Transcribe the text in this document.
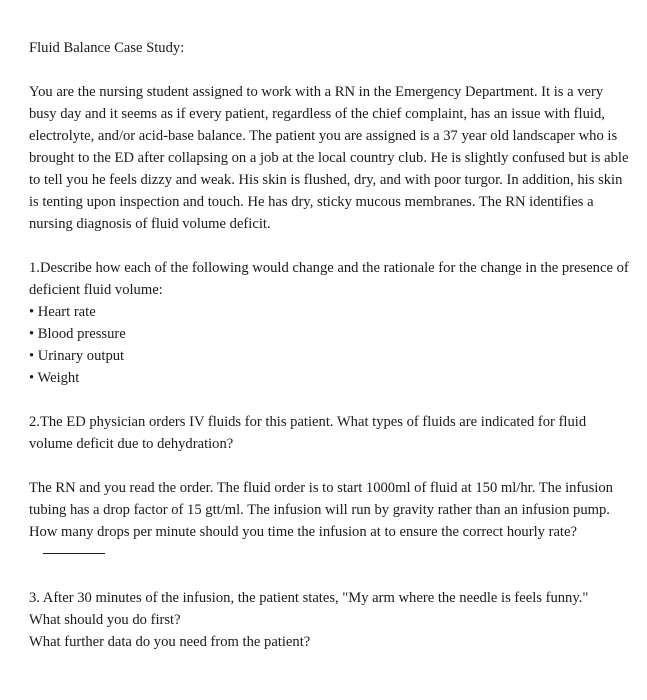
Fluid Balance Case Study:

You are the nursing student assigned to work with a RN in the Emergency Department. It is a very busy day and it seems as if every patient, regardless of the chief complaint, has an issue with fluid, electrolyte, and/or acid-base balance. The patient you are assigned is a 37 year old landscaper who is brought to the ED after collapsing on a job at the local country club. He is slightly confused but is able to tell you he feels dizzy and weak. His skin is flushed, dry, and with poor turgor. In addition, his skin is tenting upon inspection and touch. He has dry, sticky mucous membranes. The RN identifies a nursing diagnosis of fluid volume deficit.

1.Describe how each of the following would change and the rationale for the change in the presence of deficient fluid volume:

• Heart rate
• Blood pressure
• Urinary output
• Weight

2.The ED physician orders IV fluids for this patient. What types of fluids are indicated for fluid volume deficit due to dehydration?

The RN and you read the order. The fluid order is to start 1000ml of fluid at 150 ml/hr. The infusion tubing has a drop factor of 15 gtt/ml. The infusion will run by gravity rather than an infusion pump. How many drops per minute should you time the infusion at to ensure the correct hourly rate?

3. After 30 minutes of the infusion, the patient states, "My arm where the needle is feels funny."

What should you do first?

What further data do you need from the patient?
